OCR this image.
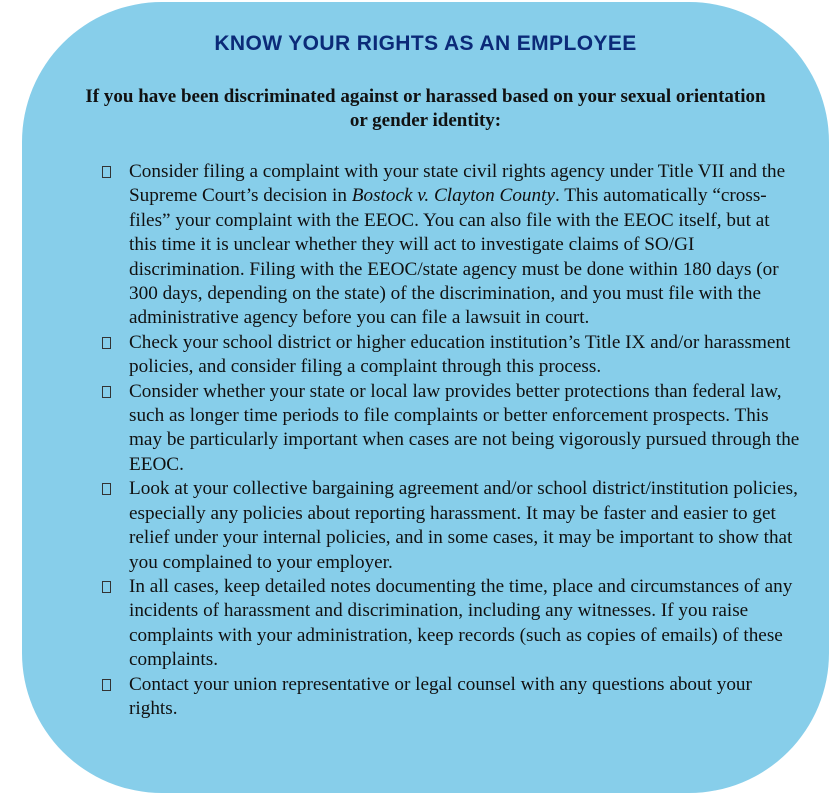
KNOW YOUR RIGHTS AS AN EMPLOYEE
If you have been discriminated against or harassed based on your sexual orientation or gender identity:
Consider filing a complaint with your state civil rights agency under Title VII and the Supreme Court’s decision in Bostock v. Clayton County. This automatically “cross-files” your complaint with the EEOC. You can also file with the EEOC itself, but at this time it is unclear whether they will act to investigate claims of SO/GI discrimination. Filing with the EEOC/state agency must be done within 180 days (or 300 days, depending on the state) of the discrimination, and you must file with the administrative agency before you can file a lawsuit in court.
Check your school district or higher education institution’s Title IX and/or harassment policies, and consider filing a complaint through this process.
Consider whether your state or local law provides better protections than federal law, such as longer time periods to file complaints or better enforcement prospects. This may be particularly important when cases are not being vigorously pursued through the EEOC.
Look at your collective bargaining agreement and/or school district/institution policies, especially any policies about reporting harassment. It may be faster and easier to get relief under your internal policies, and in some cases, it may be important to show that you complained to your employer.
In all cases, keep detailed notes documenting the time, place and circumstances of any incidents of harassment and discrimination, including any witnesses. If you raise complaints with your administration, keep records (such as copies of emails) of these complaints.
Contact your union representative or legal counsel with any questions about your rights.
